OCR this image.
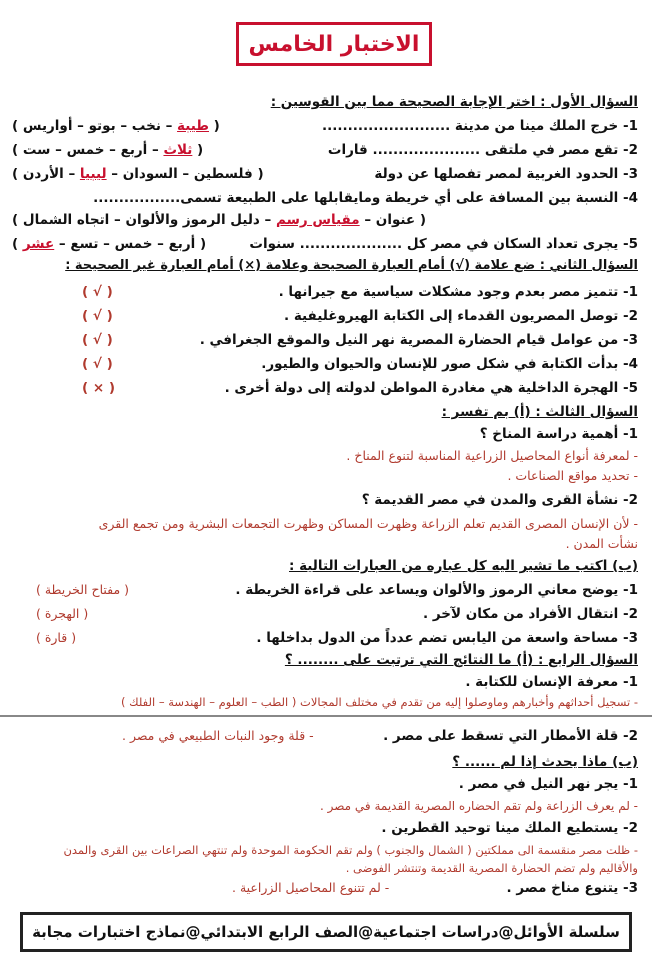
الاختبار الخامس
السؤال الأول : اختر الإجابة الصحيحة مما بين القوسين :
1- خرج الملك مينا من مدينة .........................
( طيبة – نخب – بوتو – أواريس )
2- تقع مصر في ملتقى ..................... قارات
( ثلاث – أربع – خمس – ست )
3- الحدود الغربية لمصر تفصلها عن دولة
( فلسطين – السودان – ليبيا – الأردن )
4- النسبة بين المسافة على أي خريطة ومايقابلها على الطبيعة تسمى.................
( عنوان – مقياس رسم – دليل الرموز والألوان – اتجاه الشمال )
5- يجرى تعداد السكان في مصر كل .................... سنوات
( أربع – خمس – تسع – عشر )
السؤال الثاني : ضع علامة (√) أمام العبارة الصحيحة وعلامة (×) أمام العبارة غير الصحيحة :
1- تتميز مصر بعدم وجود مشكلات سياسية مع جيرانها .
( √ )
2- توصل المصريون القدماء إلى الكتابة الهيروغليفية .
( √ )
3- من عوامل قيام الحضارة المصرية نهر النيل والموقع الجغرافي .
( √ )
4- بدأت الكتابة في شكل صور للإنسان والحيوان والطيور.
( √ )
5- الهجرة الداخلية هي مغادرة المواطن لدولته إلى دولة أخرى .
( × )
السؤال الثالث : (أ) بم تفسر :
1- أهمية دراسة المناخ ؟
- لمعرفة أنواع المحاصيل الزراعية المناسبة لتنوع المناخ .
- تحديد مواقع الصناعات .
2- نشأة القرى والمدن في مصر القديمة ؟
- لأن الإنسان المصرى القديم تعلم الزراعة وظهرت المساكن وظهرت التجمعات البشرية ومن تجمع القرى
نشأت المدن .
(ب) اكتب ما تشير اليه كل عباره من العبارات التالية :
1- يوضح معاني الرموز والألوان ويساعد على قراءة الخريطة .
( مفتاح الخريطة )
2- انتقال الأفراد من مكان لآخر .
( الهجرة )
3- مساحة واسعة من اليابس تضم عدداً من الدول بداخلها .
( قارة )
السؤال الرابع : (أ) ما النتائج التي ترتبت على ........ ؟
1- معرفة الإنسان للكتابة .
- تسجيل أحداثهم وأخبارهم وماوصلوا إليه من تقدم في مختلف المجالات ( الطب – العلوم – الهندسة – الفلك )
2- قلة الأمطار التي تسقط على مصر .
- قلة وجود النبات الطبيعي في مصر .
(ب) ماذا يحدث إذا لم ...... ؟
1- يجر نهر النيل في مصر .
- لم يعرف الزراعة ولم تقم الحضاره المصرية القديمة في مصر .
2- يستطيع الملك مينا توحيد القطرين .
- ظلت مصر منقسمة الى مملكتين ( الشمال والجنوب ) ولم تقم الحكومة الموحدة ولم تنتهي الصراعات بين القرى والمدن
والأقاليم ولم تضم الحضارة المصرية القديمة وتنتشر الفوضى .
3- يتنوع مناخ مصر .
- لم تتنوع المحاصيل الزراعية .
سلسلة الأوائل@دراسات اجتماعية@الصف الرابع الابتدائي@نماذج اختبارات مجابة
